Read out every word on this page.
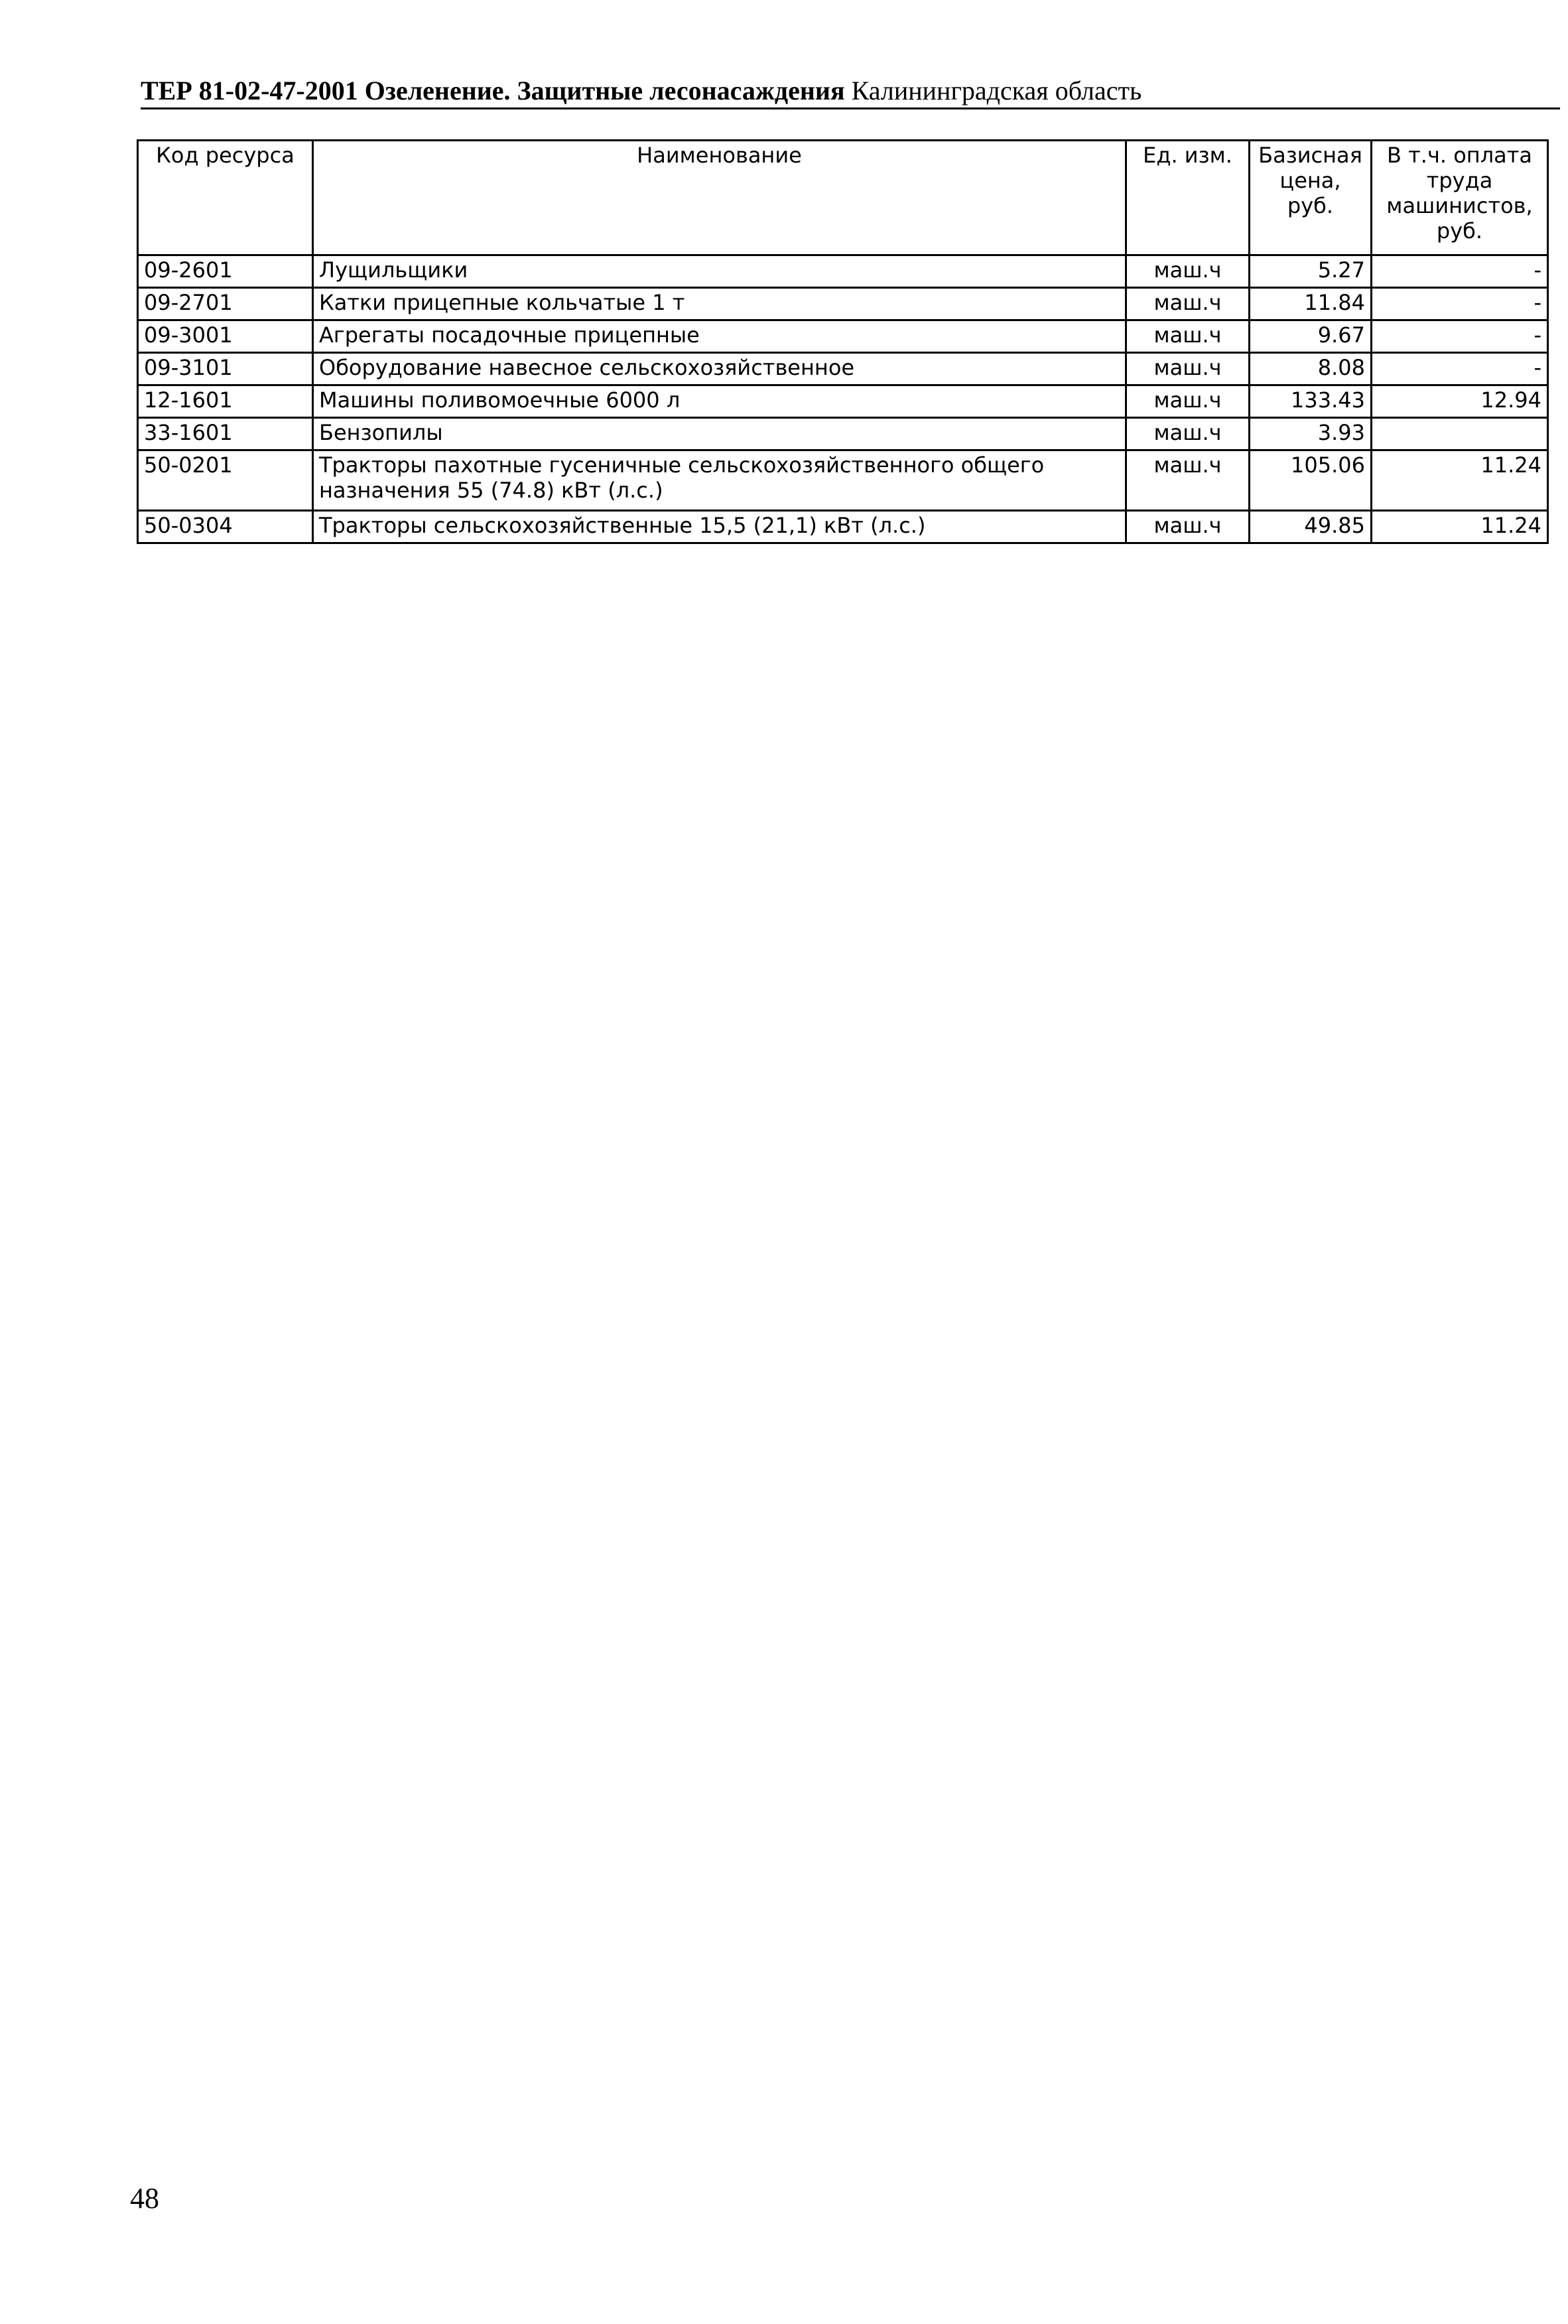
ТЕР 81-02-47-2001 Озеленение. Защитные лесонасаждения Калининградская область
Код ресурса	Наименование	Ед. изм.	Базисная цена, руб.	В т.ч. оплата труда машинистов, руб.
09-2601	Лущильщики	маш.ч	5.27	-
09-2701	Катки прицепные кольчатые 1 т	маш.ч	11.84	-
09-3001	Агрегаты посадочные прицепные	маш.ч	9.67	-
09-3101	Оборудование навесное сельскохозяйственное	маш.ч	8.08	-
12-1601	Машины поливомоечные 6000 л	маш.ч	133.43	12.94
33-1601	Бензопилы	маш.ч	3.93	
50-0201	Тракторы пахотные гусеничные сельскохозяйственного общего назначения 55 (74.8) кВт (л.с.)	маш.ч	105.06	11.24
50-0304	Тракторы сельскохозяйственные 15,5 (21,1) кВт (л.с.)	маш.ч	49.85	11.24
48
